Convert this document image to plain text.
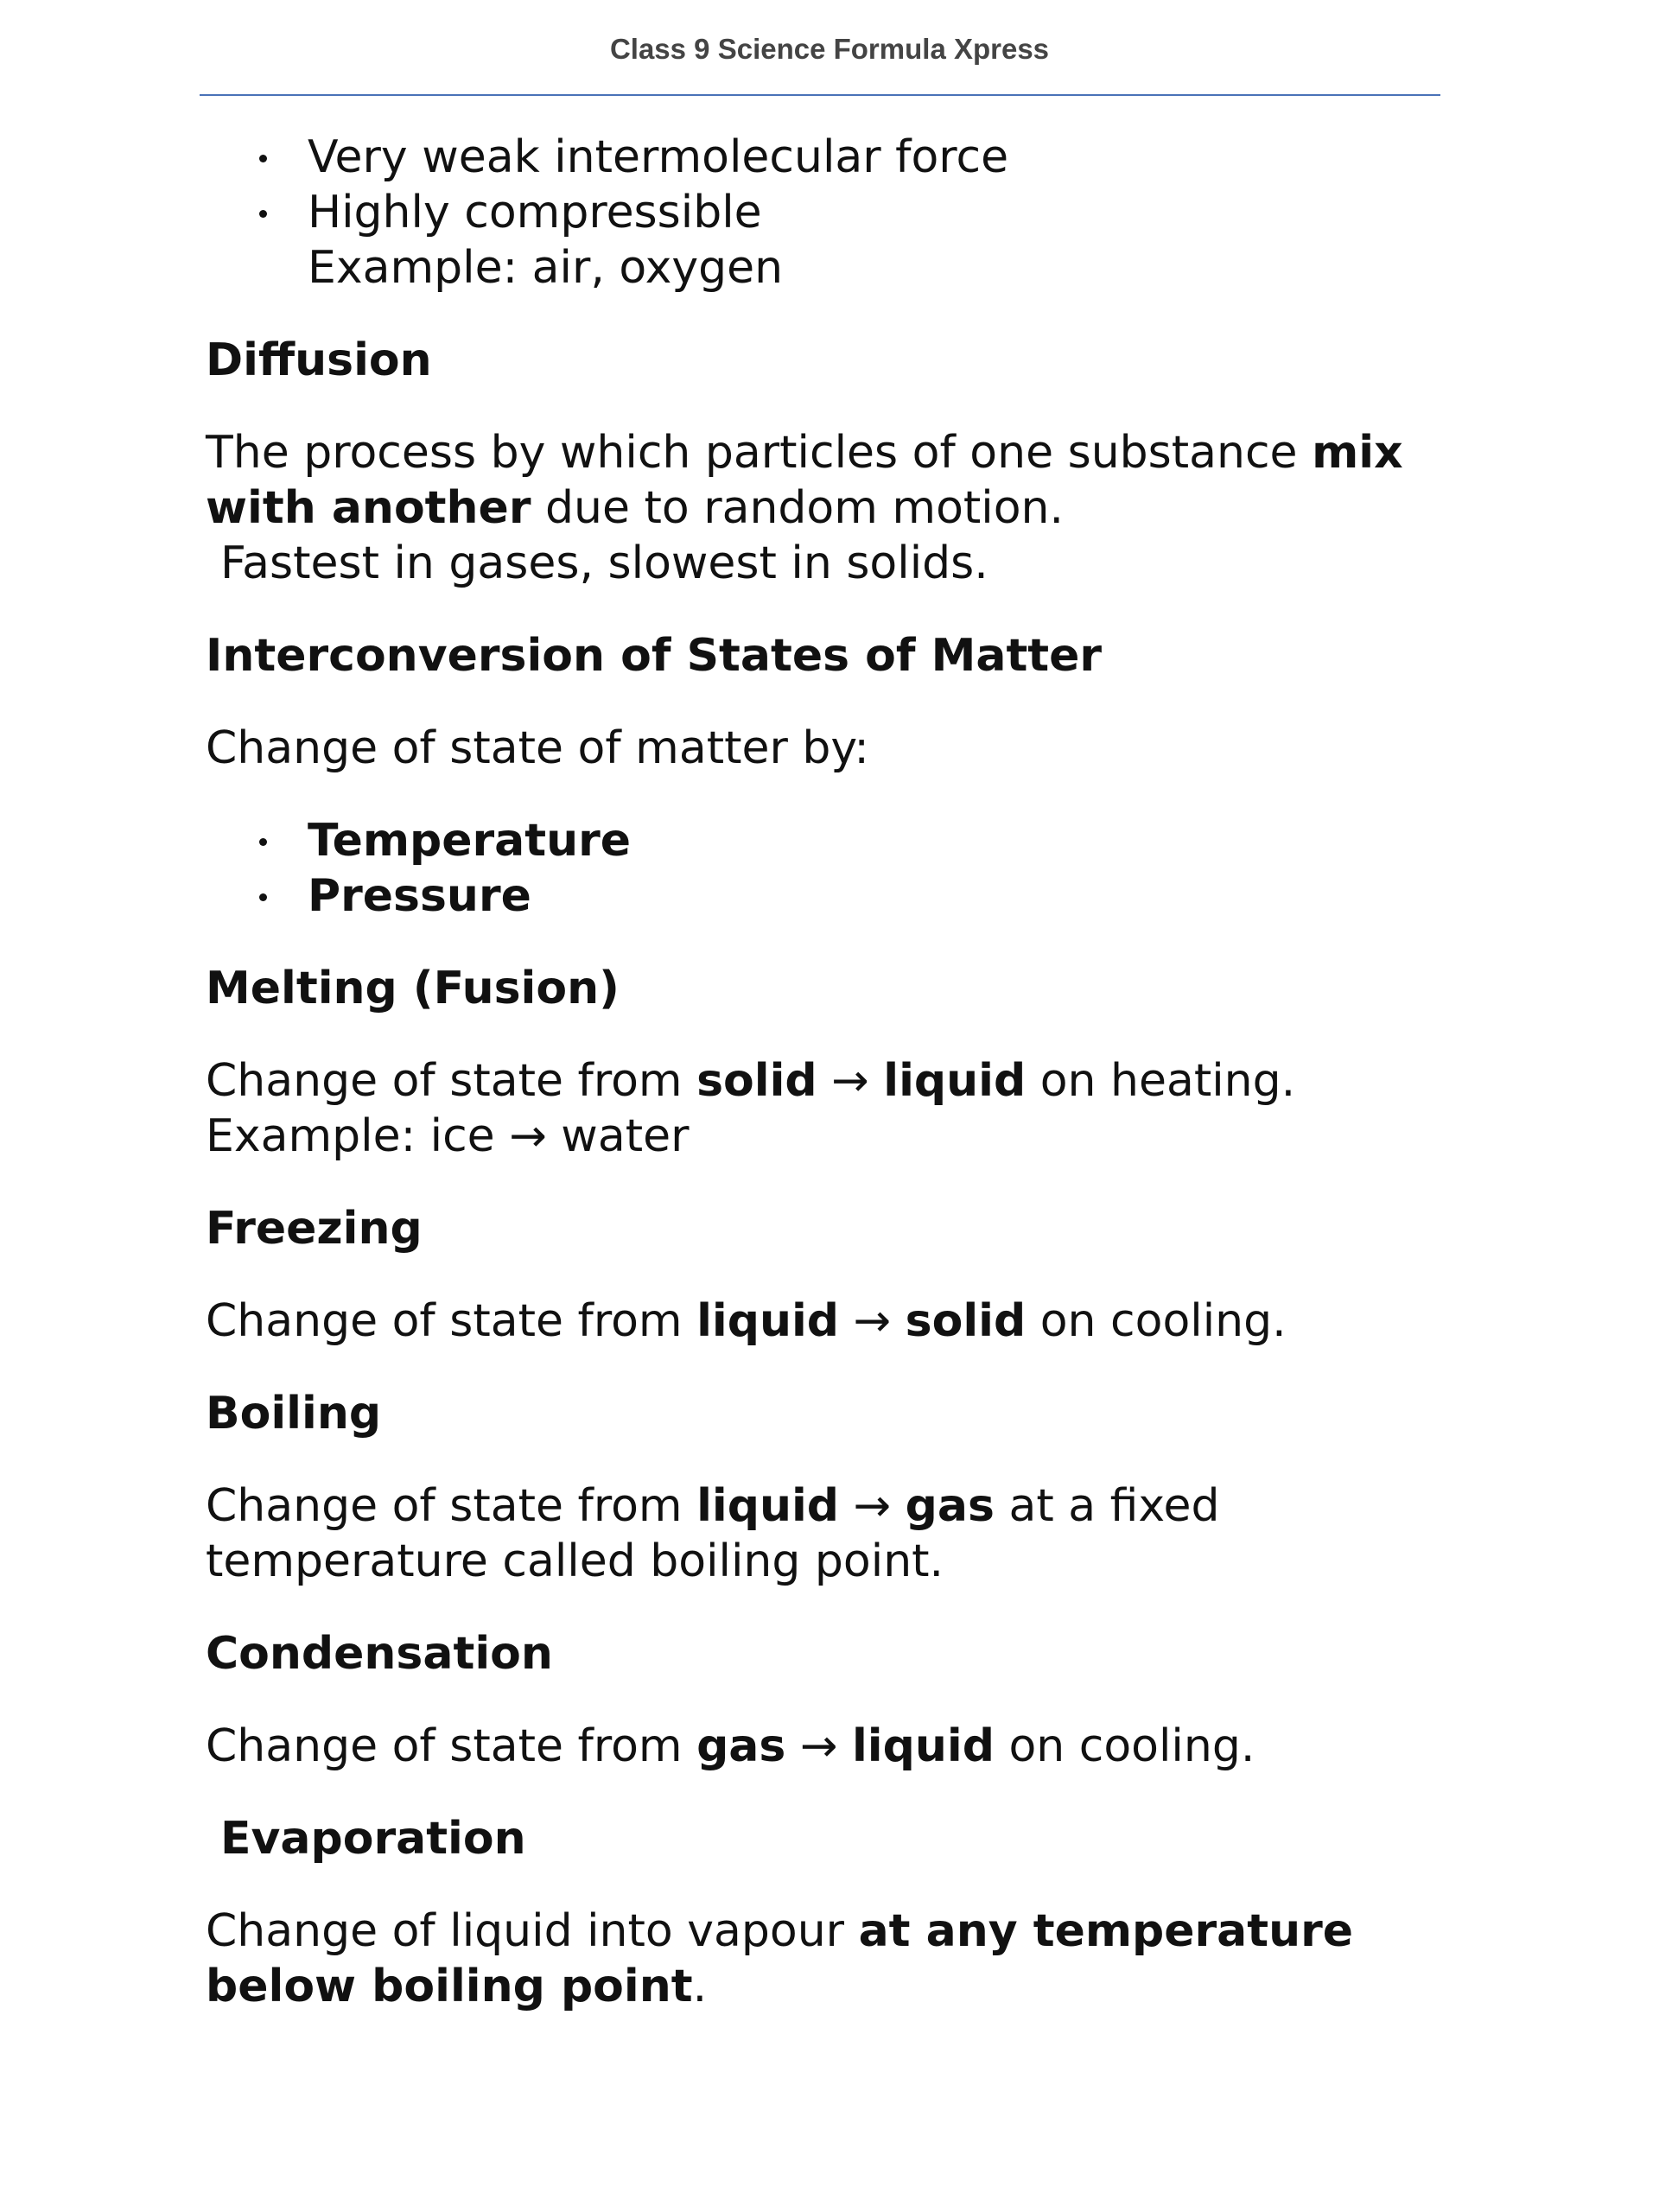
Class 9 Science Formula Xpress
Very weak intermolecular force
Highly compressible
Example: air, oxygen
Diffusion

The process by which particles of one substance mix with another due to random motion.
Fastest in gases, slowest in solids.

Interconversion of States of Matter

Change of state of matter by:

Temperature
Pressure
Melting (Fusion)

Change of state from solid → liquid on heating.
Example: ice → water

Freezing

Change of state from liquid → solid on cooling.

Boiling

Change of state from liquid → gas at a fixed
temperature called boiling point.

Condensation

Change of state from gas → liquid on cooling.

Evaporation

Change of liquid into vapour at any temperature
below boiling point.
